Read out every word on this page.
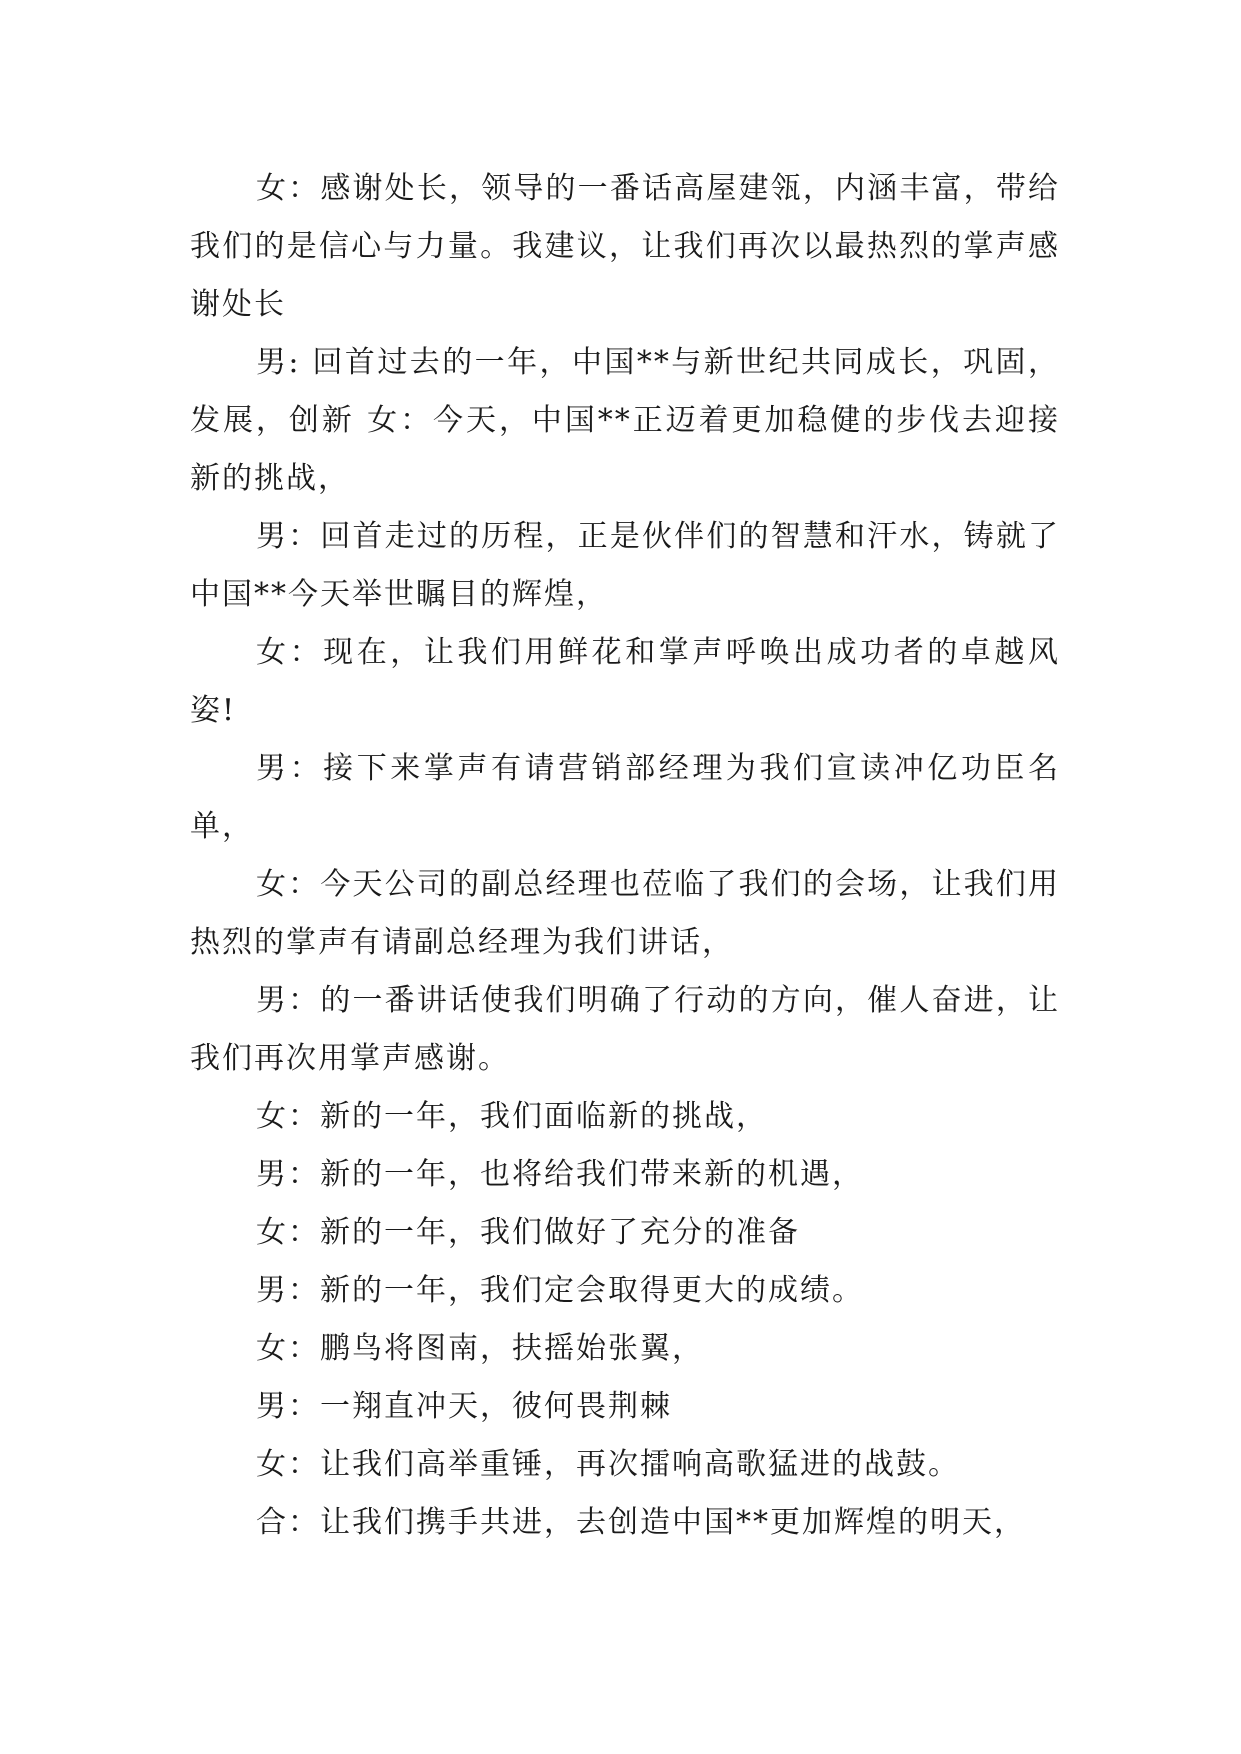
女：感谢处长，领导的一番话高屋建瓴，内涵丰富，带给我们的是信心与力量。我建议，让我们再次以最热烈的掌声感谢处长

男: 回首过去的一年，中国**与新世纪共同成长，巩固，发展，创新 女：今天，中国**正迈着更加稳健的步伐去迎接新的挑战，

男：回首走过的历程，正是伙伴们的智慧和汗水，铸就了中国**今天举世瞩目的辉煌，

女：现在，让我们用鲜花和掌声呼唤出成功者的卓越风姿!

男：接下来掌声有请营销部经理为我们宣读冲亿功臣名单，

女：今天公司的副总经理也莅临了我们的会场，让我们用热烈的掌声有请副总经理为我们讲话，

男：的一番讲话使我们明确了行动的方向，催人奋进，让我们再次用掌声感谢。

女：新的一年，我们面临新的挑战，

男：新的一年，也将给我们带来新的机遇，

女：新的一年，我们做好了充分的准备

男：新的一年，我们定会取得更大的成绩。

女：鹏鸟将图南，扶摇始张翼，

男：一翔直冲天，彼何畏荆棘

女：让我们高举重锤，再次擂响高歌猛进的战鼓。

合：让我们携手共进，去创造中国**更加辉煌的明天，
